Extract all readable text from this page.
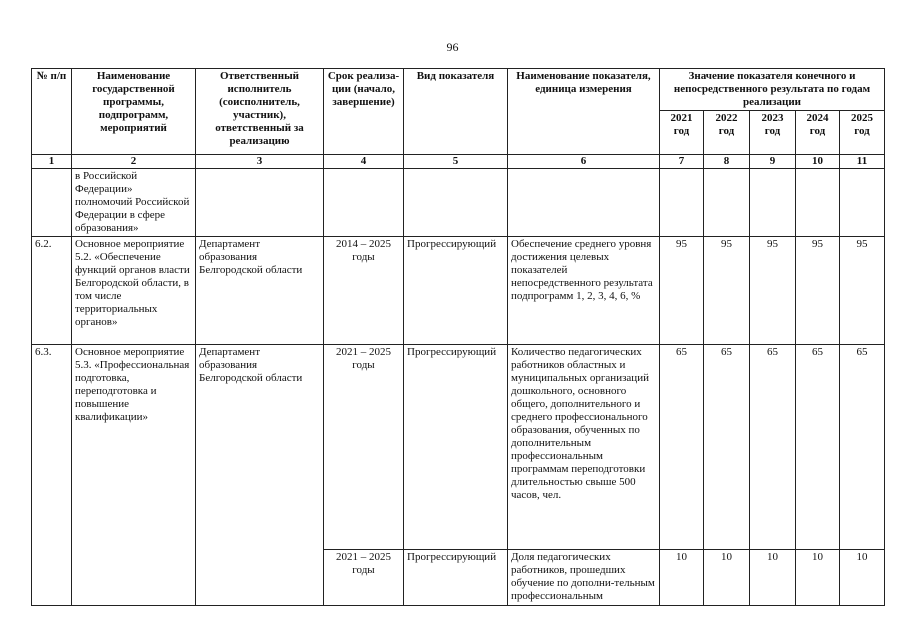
96
№ п/п	Наименование государственной программы, подпрограмм, мероприятий	Ответственный исполнитель (соисполнитель, участник), ответственный за реализацию	Срок реализа-ции (начало, завершение)	Вид показателя	Наименование показателя, единица измерения	Значение показателя конечного и непосредственного результата по годам реализации				
						2021 год	2022 год	2023 год	2024 год	2025 год
1	2	3	4	5	6	7	8	9	10	11
	в Российской Федерации» полномочий Российской Федерации в сфере образования»									
6.2.	Основное мероприятие 5.2. «Обеспечение функций органов власти Белгородской области, в том числе территориальных органов»	Департамент образования Белгородской области	2014 – 2025 годы	Прогрессирующий	Обеспечение среднего уровня достижения целевых показателей непосредственного результата подпрограмм 1, 2, 3, 4, 6, %	95	95	95	95	95
6.3.	Основное мероприятие 5.3. «Профессиональная подготовка, переподготовка и повышение квалификации»	Департамент образования Белгородской области	2021 – 2025 годы	Прогрессирующий	Количество педагогических работников областных и муниципальных организаций дошкольного, основного общего, дополнительного и среднего профессионального образования, обученных по дополнительным профессиональным программам переподготовки длительностью свыше 500 часов, чел.	65	65	65	65	65
			2021 – 2025 годы	Прогрессирующий	Доля педагогических работников, прошедших обучение по дополни-тельным профессиональным	10	10	10	10	10
